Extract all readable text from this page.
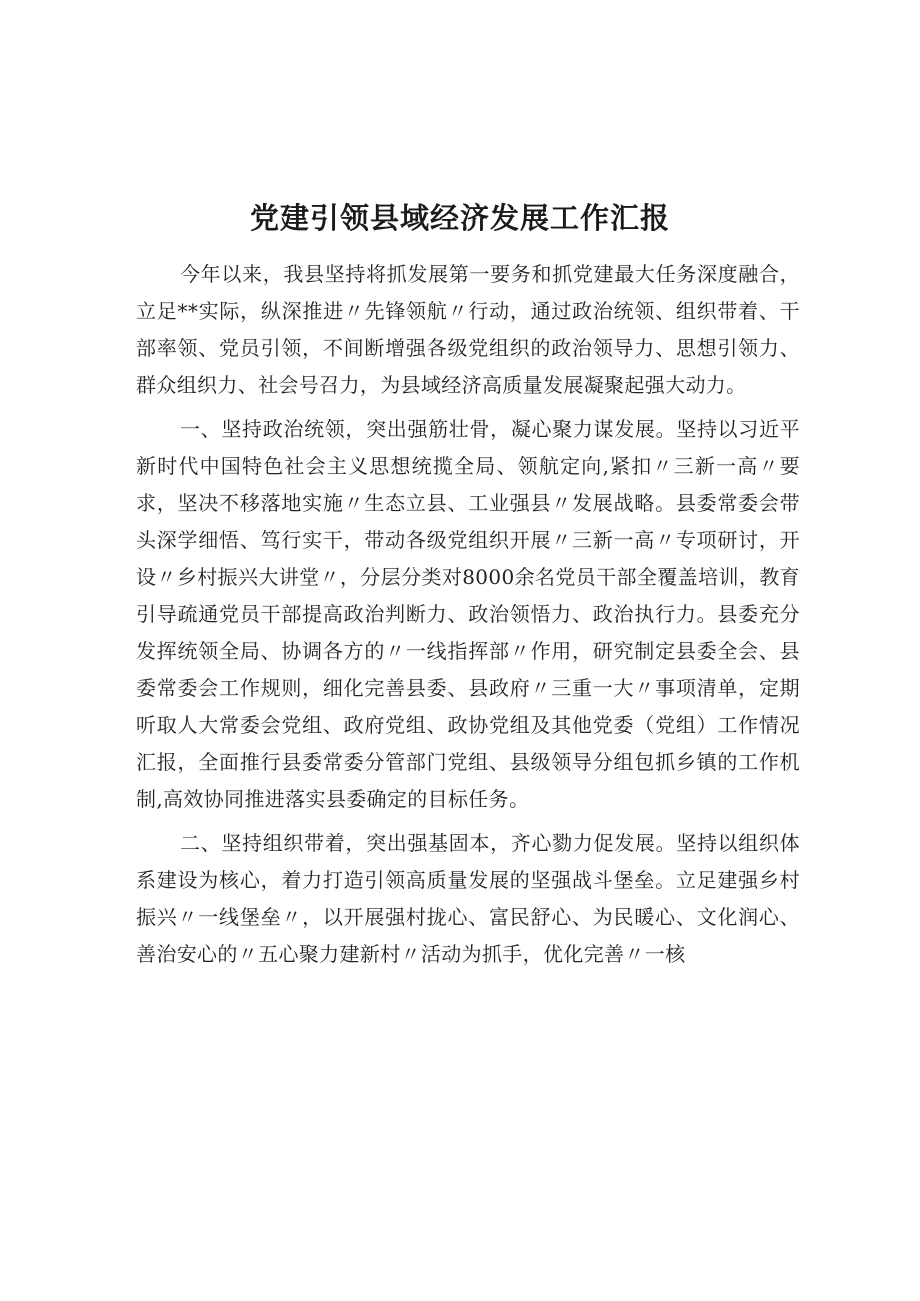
党建引领县域经济发展工作汇报

今年以来，我县坚持将抓发展第一要务和抓党建最大任务深度融合，立足**实际，纵深推进〃先锋领航〃行动，通过政治统领、组织带着、干部率领、党员引领，不间断增强各级党组织的政治领导力、思想引领力、群众组织力、社会号召力，为县域经济高质量发展凝聚起强大动力。

一、坚持政治统领，突出强筋壮骨，凝心聚力谋发展。坚持以习近平新时代中国特色社会主义思想统揽全局、领航定向,紧扣〃三新一高〃要求，坚决不移落地实施〃生态立县、工业强县〃发展战略。县委常委会带头深学细悟、笃行实干，带动各级党组织开展〃三新一高〃专项研讨，开设〃乡村振兴大讲堂〃，分层分类对8000余名党员干部全覆盖培训，教育引导疏通党员干部提高政治判断力、政治领悟力、政治执行力。县委充分发挥统领全局、协调各方的〃一线指挥部〃作用，研究制定县委全会、县委常委会工作规则，细化完善县委、县政府〃三重一大〃事项清单，定期听取人大常委会党组、政府党组、政协党组及其他党委（党组）工作情况汇报，全面推行县委常委分管部门党组、县级领导分组包抓乡镇的工作机制,高效协同推进落实县委确定的目标任务。

二、坚持组织带着，突出强基固本，齐心勠力促发展。坚持以组织体系建设为核心，着力打造引领高质量发展的坚强战斗堡垒。立足建强乡村振兴〃一线堡垒〃，以开展强村拢心、富民舒心、为民暖心、文化润心、善治安心的〃五心聚力建新村〃活动为抓手，优化完善〃一核
